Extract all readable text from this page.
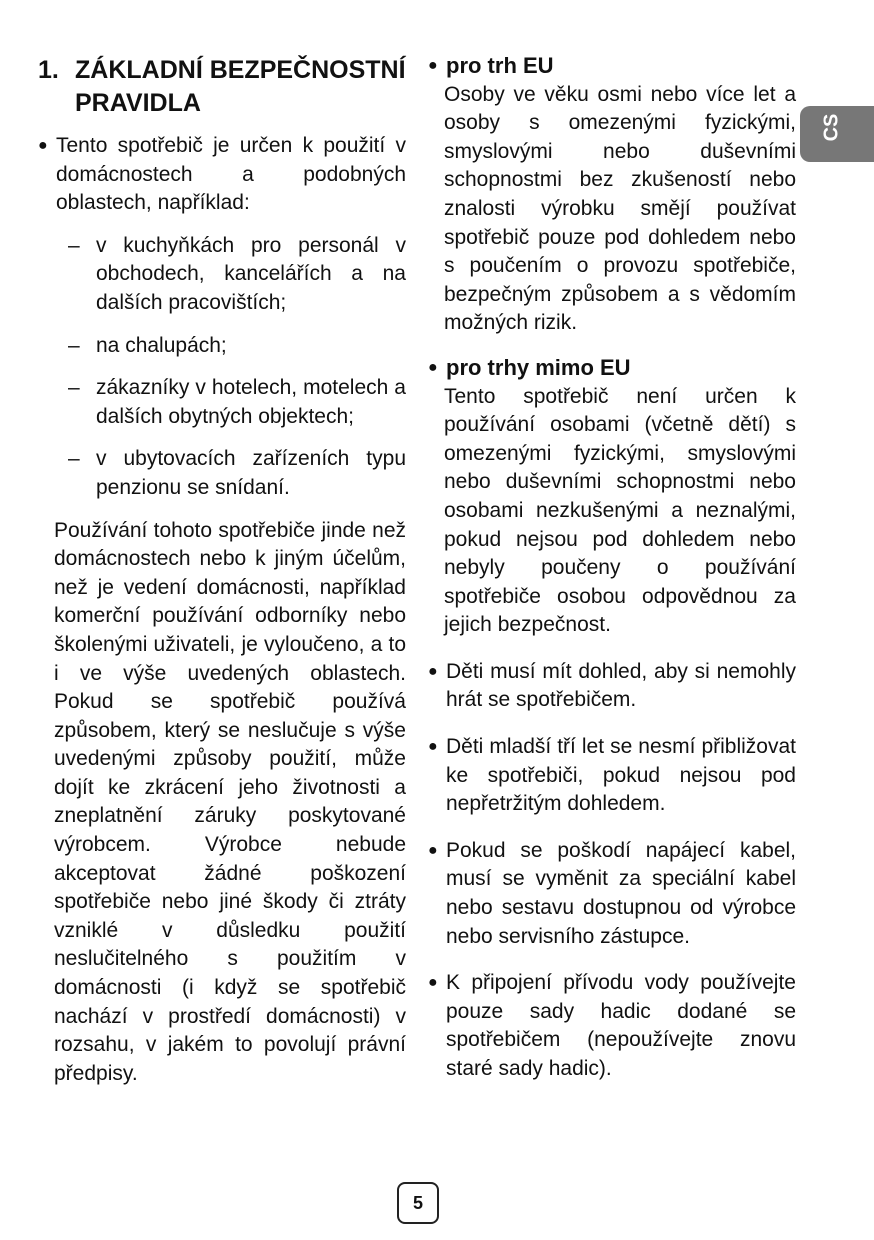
1. ZÁKLADNÍ BEZPEČNOSTNÍ
PRAVIDLA
● Tento spotřebič je určen k použití v domácnostech a podobných oblastech, například:
– v kuchyňkách pro personál v obchodech, kancelářích a na dalších pracovištích;
– na chalupách;
– zákazníky v hotelech, motelech a dalších obytných objektech;
– v ubytovacích zařízeních typu penzionu se snídaní.
Používání tohoto spotřebiče jinde než domácnostech nebo k jiným účelům, než je vedení domácnosti, například komerční používání odborníky nebo školenými uživateli, je vyloučeno, a to i ve výše uvedených oblastech. Pokud se spotřebič používá způsobem, který se neslučuje s výše uvedenými způsoby použití, může dojít ke zkrácení jeho životnosti a zneplatnění záruky poskytované výrobcem. Výrobce nebude akceptovat žádné poškození spotřebiče nebo jiné škody či ztráty vzniklé v důsledku použití neslučitelného s použitím v domácnosti (i když se spotřebič nachází v prostředí domácnosti) v rozsahu, v jakém to povolují právní předpisy.
● pro trh EU
Osoby ve věku osmi nebo více let a osoby s omezenými fyzickými, smyslovými nebo duševními schopnostmi bez zkušeností nebo znalosti výrobku smějí používat spotřebič pouze pod dohledem nebo s poučením o provozu spotřebiče, bezpečným způsobem a s vědomím možných rizik.
● pro trhy mimo EU
Tento spotřebič není určen k používání osobami (včetně dětí) s omezenými fyzickými, smyslovými nebo duševními schopnostmi nebo osobami nezkušenými a neznalými, pokud nejsou pod dohledem nebo nebyly poučeny o používání spotřebiče osobou odpovědnou za jejich bezpečnost.
● Děti musí mít dohled, aby si nemohly hrát se spotřebičem.
● Děti mladší tří let se nesmí přibližovat ke spotřebiči, pokud nejsou pod nepřetržitým dohledem.
● Pokud se poškodí napájecí kabel, musí se vyměnit za speciální kabel nebo sestavu dostupnou od výrobce nebo servisního zástupce.
● K připojení přívodu vody používejte pouze sady hadic dodané se spotřebičem (nepoužívejte znovu staré sady hadic).
CS
5
